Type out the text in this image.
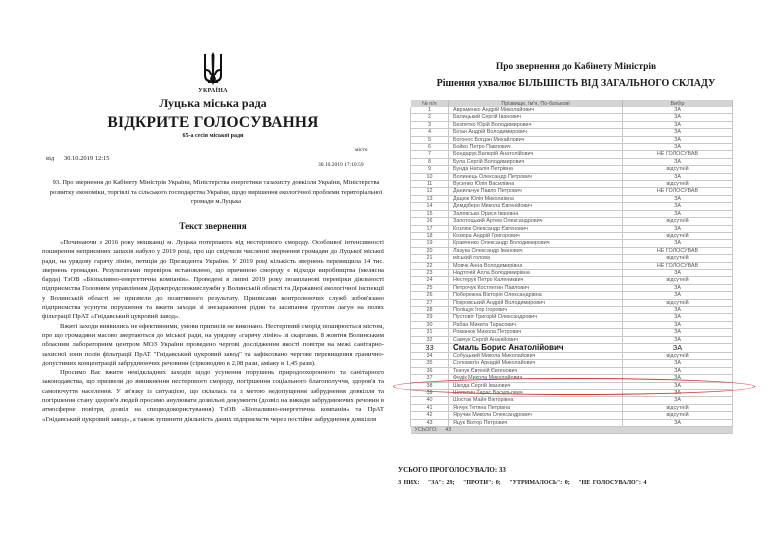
УКРАЇНА
Луцька міська рада
ВІДКРИТЕ ГОЛОСУВАННЯ
65-а сесія міської ради
місто
від 30.10.2019 12:15
30.10.2019 17:10:59
93. Про звернення до Кабінету Міністрів України, Міністерства енергетики тазахисту довкілля України, Міністерства розвитку економіки, торгівлі та сільського господарства України, щодо вирішення екологічної проблеми територіальної громади м.Луцька
Текст звернення

«Починаючи з 2016 року мешканці м. Луцька потерпають від нестерпного смороду. Особливої інтенсивності поширення неприємних запахів набуло у 2019 році, про що свідчили численні звернення громадян до Луцької міської ради, на урядову гарячу лінію, петиція до Президента України. У 2019 році кількість звернень перевищила 14 тис. звернень громадян. Результатами перевірок встановлено, що причиною смороду є відходи виробництва (мелясна барда) ТзОВ «Біопаливно-енергетична компанія». Проведені в липні 2019 року позапланові перевірки діяльності підприємства Головним управлінням Держпродспоживслужби у Волинській області та Державної екологічної інспекції у Волинській області не призвели до позитивного результату. Приписами контролюючих служб зобов'язано підприємства усунути порушення та вжити заходи зі знезараження рідин та засипання ґрунтом лагун на полях фільтрації ПрАТ «Гнідавський цукровий завод».

Вжиті заходи виявились не ефективними, умови приписів не виконано. Нестерпний сморід поширюється містом, про що громадяни масово звертаються до міської ради, на урядову «гарячу лінію» зі скаргами. 8 жовтня Волинським обласним лабораторним центром МОЗ України проведено чергові дослідження якості повітря на межі санітарно-захисної зони полів фільтрації ПрАТ "Гнідавський цукровий завод" та зафіксовано чергове перевищення гранично-допустимих концентрацій забруднюючих речовини (сірководню в 2,08 рази, аміаку в 1,45 рази).

Просимо Вас вжити невідкладних заходів щодо усунення порушень природоохоронного та санітарного законодавства, що призвели до виникнення нестерпного смороду, погіршення соціального благополуччя, здоров'я та самопочуття населення. У зв'язку із ситуацією, що склалась та з метою недопущення забруднення довкілля та погіршення стану здоров'я людей просимо анулювати дозвільні документи (дозвіл на викиди забруднюючих речовин в атмосферне повітря, дозвіл на спецводокористування) ТзОВ «Біопаливно-енергетична компанія» та ПрАТ «Гнідавський цукровий завод», а також зупинити діяльність даних підприємств через постійне забруднення довкілля

Про звернення до Кабінету Міністрів
Рішення ухвалює БІЛЬШІСТЬ ВІД ЗАГАЛЬНОГО СКЛАДУ
№ п/п	Прізвище, Ім'я, По-батькові	Вибір
1	Авраменко Андрій Миколайович	ЗА
2	Балицький Сергій Іванович	ЗА
3	Безпятко Юрій Володимирович	ЗА
4	Білан Андрій Володимирович	ЗА
5	Богонос Богдан Михайлович	ЗА
6	Бойко Петро Павлович	ЗА
7	Бондарук Валерій Анатолійович	НЕ ГОЛОСУВАВ
8	Була Сергій Володимирович	ЗА
9	Бунда Наталія Петрівна	відсутній
10	Волинець Олександр Петрович	ЗА
11	Вусенко Юлія Василівна	відсутній
12	Данильчук Павло Петрович	НЕ ГОЛОСУВАВ
13	Дацюк Юлія Миколаївна	ЗА
14	Демдіберн Микола Євгенійович	ЗА
15	Залевська Орися Іванівна	ЗА
16	Запотоцький Артем Олександрович	відсутній
17	Козлюк Олександр Євгенович	ЗА
18	Козюра Андрій Григорович	відсутній
19	Кравченко Олександр Володимирович	ЗА
20	Лазука Олександр Іванович	НЕ ГОЛОСУВАВ
21	міський голова	відсутній
22	Мовчк Анна Володимирівна	НЕ ГОЛОСУВАВ
23	Надточій Алла Володимирівна	ЗА
24	Нестерук Петро Калениквич	відсутній
25	Петрочук Костянтин Павлович	ЗА
26	Побережна Вікторія Олександрівна	ЗА
27	Покровський Андрій Володимирович	відсутній
28	Поліщук Ігор Ігорович	ЗА
29	Пустовіт Григорій Олександрович	ЗА
30	Рабан Микита Тарасович	ЗА
31	Романюк Микола Петрович	ЗА
32	Савчук Сергій Ананійович	ЗА
33	Смаль Борис Анатолійович	ЗА
34	Собуцький Микола Миколайович	відсутній
35	Соломатін Аркадій Миколайович	ЗА
36	Ткачук Євгеній Євгенович	ЗА
37	Федік Микола Миколайович	ЗА
38	Шкода Сергій Іванович	ЗА
39	Шляхтич Тарас Васильович	ЗА
40	Шостак Майя Вікторівна	ЗА
41	Янчук Тетяна Петрівна	відсутній
42	Яручик Микола Олександрович	відсутній
43	Яцук Віктор Петрович	ЗА
УСЬОГО: 43		
УСЬОГО ПРОГОЛОСУВАЛО: 33
З НИХ: "ЗА": 29; "ПРОТИ": 0; "УТРИМАЛОСЬ": 0; "НЕ ГОЛОСУВАЛО": 4
